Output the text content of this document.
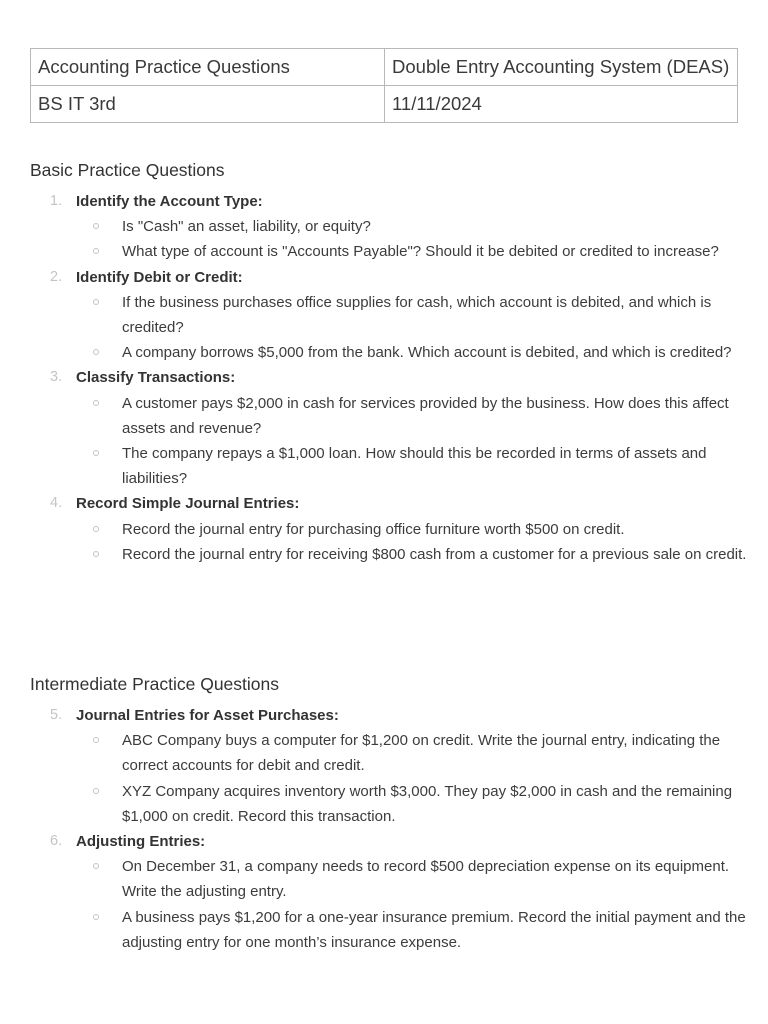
Accounting Practice Questions	Double Entry Accounting System (DEAS)
BS IT 3rd	11/11/2024
Basic Practice Questions
1. Identify the Account Type:
Is "Cash" an asset, liability, or equity?
What type of account is "Accounts Payable"? Should it be debited or credited to increase?
2. Identify Debit or Credit:
If the business purchases office supplies for cash, which account is debited, and which is credited?
A company borrows $5,000 from the bank. Which account is debited, and which is credited?
3. Classify Transactions:
A customer pays $2,000 in cash for services provided by the business. How does this affect assets and revenue?
The company repays a $1,000 loan. How should this be recorded in terms of assets and liabilities?
4. Record Simple Journal Entries:
Record the journal entry for purchasing office furniture worth $500 on credit.
Record the journal entry for receiving $800 cash from a customer for a previous sale on credit.
Intermediate Practice Questions
5. Journal Entries for Asset Purchases:
ABC Company buys a computer for $1,200 on credit. Write the journal entry, indicating the correct accounts for debit and credit.
XYZ Company acquires inventory worth $3,000. They pay $2,000 in cash and the remaining $1,000 on credit. Record this transaction.
6. Adjusting Entries:
On December 31, a company needs to record $500 depreciation expense on its equipment. Write the adjusting entry.
A business pays $1,200 for a one-year insurance premium. Record the initial payment and the adjusting entry for one month’s insurance expense.
